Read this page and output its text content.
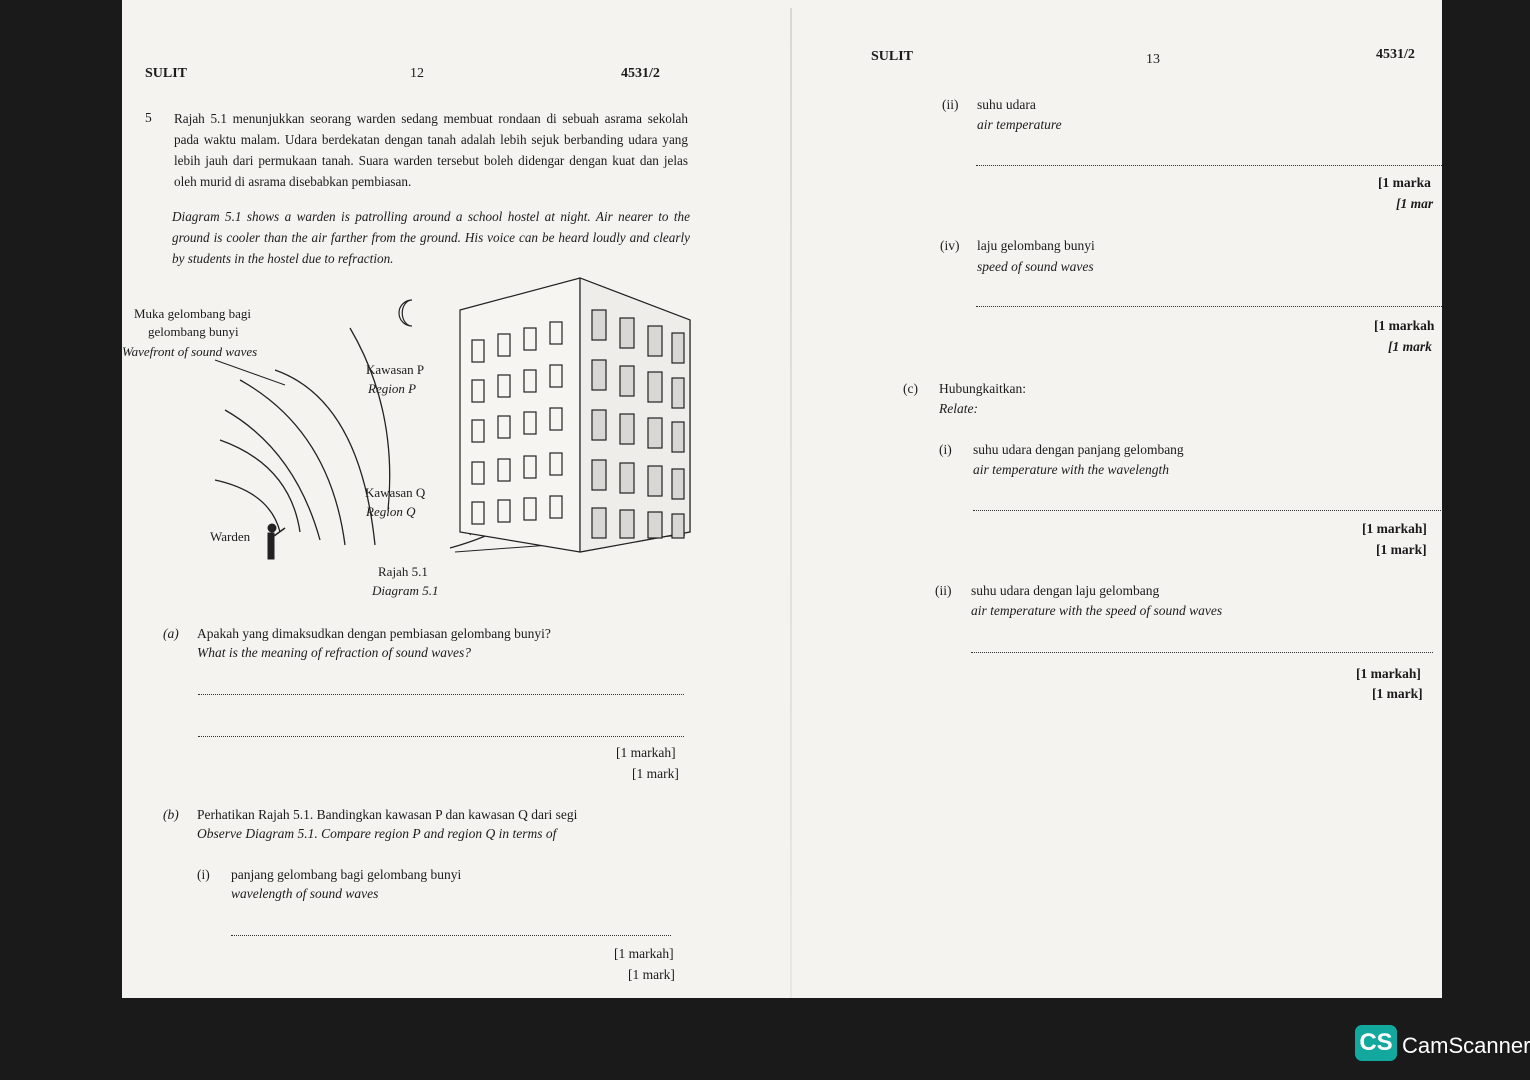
SULIT	12	4531/2
5 Rajah 5.1 menunjukkan seorang warden sedang membuat rondaan di sebuah asrama sekolah pada waktu malam. Udara berdekatan dengan tanah adalah lebih sejuk berbanding udara yang lebih jauh dari permukaan tanah. Suara warden tersebut boleh didengar dengan kuat dan jelas oleh murid di asrama disebabkan pembiasan.
Diagram 5.1 shows a warden is patrolling around a school hostel at night. Air nearer to the ground is cooler than the air farther from the ground. His voice can be heard loudly and clearly by students in the hostel due to refraction.
Muka gelombang bagi
gelombang bunyi
Wavefront of sound waves
Kawasan P
Region P
Kawasan Q
Region Q
Warden
Rajah 5.1
Diagram 5.1
(a) Apakah yang dimaksudkan dengan pembiasan gelombang bunyi?
What is the meaning of refraction of sound waves?
[1 markah]
[1 mark]
(b) Perhatikan Rajah 5.1. Bandingkan kawasan P dan kawasan Q dari segi
Observe Diagram 5.1. Compare region P and region Q in terms of
(i) panjang gelombang bagi gelombang bunyi
wavelength of sound waves
[1 markah]
[1 mark]
SULIT	13	4531/2
(ii) suhu udara
air temperature
[1 marka
[1 mar
(iv) laju gelombang bunyi
speed of sound waves
[1 markah
[1 mark
(c) Hubungkaitkan:
Relate:
(i) suhu udara dengan panjang gelombang
air temperature with the wavelength
[1 markah]
[1 mark]
(ii) suhu udara dengan laju gelombang
air temperature with the speed of sound waves
[1 markah]
[1 mark]
CS CamScanner
